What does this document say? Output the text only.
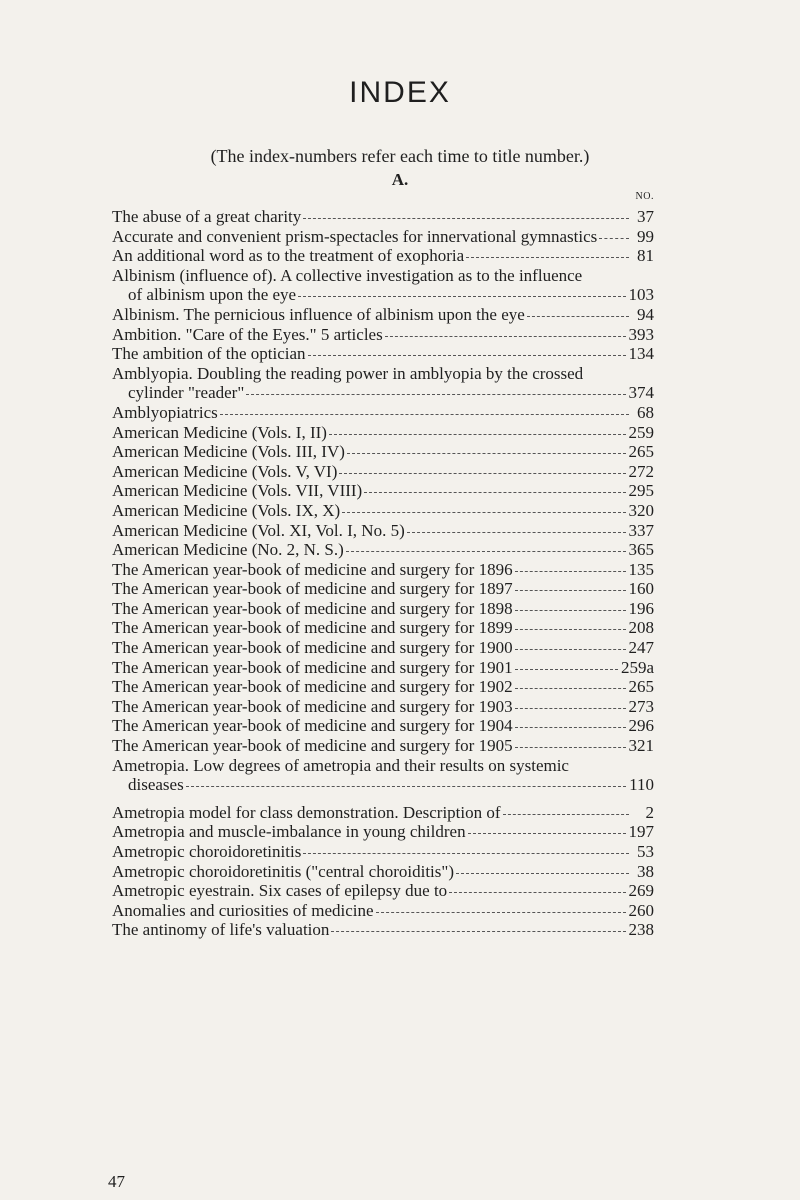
INDEX
(The index-numbers refer each time to title number.)
A.
NO.
The abuse of a great charity	37
Accurate and convenient prism-spectacles for innervational gymnastics 99
An additional word as to the treatment of exophoria	81
Albinism (influence of). A collective investigation as to the influence
of albinism upon the eye	103
Albinism. The pernicious influence of albinism upon the eye	94
Ambition. "Care of the Eyes." 5 articles	393
The ambition of the optician	134
Amblyopia. Doubling the reading power in amblyopia by the crossed
cylinder "reader"	374
Amblyopiatrics	68
American Medicine (Vols. I, II)	259
American Medicine (Vols. III, IV)	265
American Medicine (Vols. V, VI)	272
American Medicine (Vols. VII, VIII)	295
American Medicine (Vols. IX, X)	320
American Medicine (Vol. XI, Vol. I, No. 5)	337
American Medicine (No. 2, N. S.)	365
The American year-book of medicine and surgery for 1896	135
The American year-book of medicine and surgery for 1897	160
The American year-book of medicine and surgery for 1898	196
The American year-book of medicine and surgery for 1899	208
The American year-book of medicine and surgery for 1900	247
The American year-book of medicine and surgery for 1901	259a
The American year-book of medicine and surgery for 1902	265
The American year-book of medicine and surgery for 1903	273
The American year-book of medicine and surgery for 1904	296
The American year-book of medicine and surgery for 1905	321
Ametropia. Low degrees of ametropia and their results on systemic
diseases	110
Ametropia model for class demonstration. Description of	2
Ametropia and muscle-imbalance in young children	197
Ametropic choroidoretinitis	53
Ametropic choroidoretinitis ("central choroiditis")	38
Ametropic eyestrain. Six cases of epilepsy due to	269
Anomalies and curiosities of medicine	260
The antinomy of life's valuation	238
47
